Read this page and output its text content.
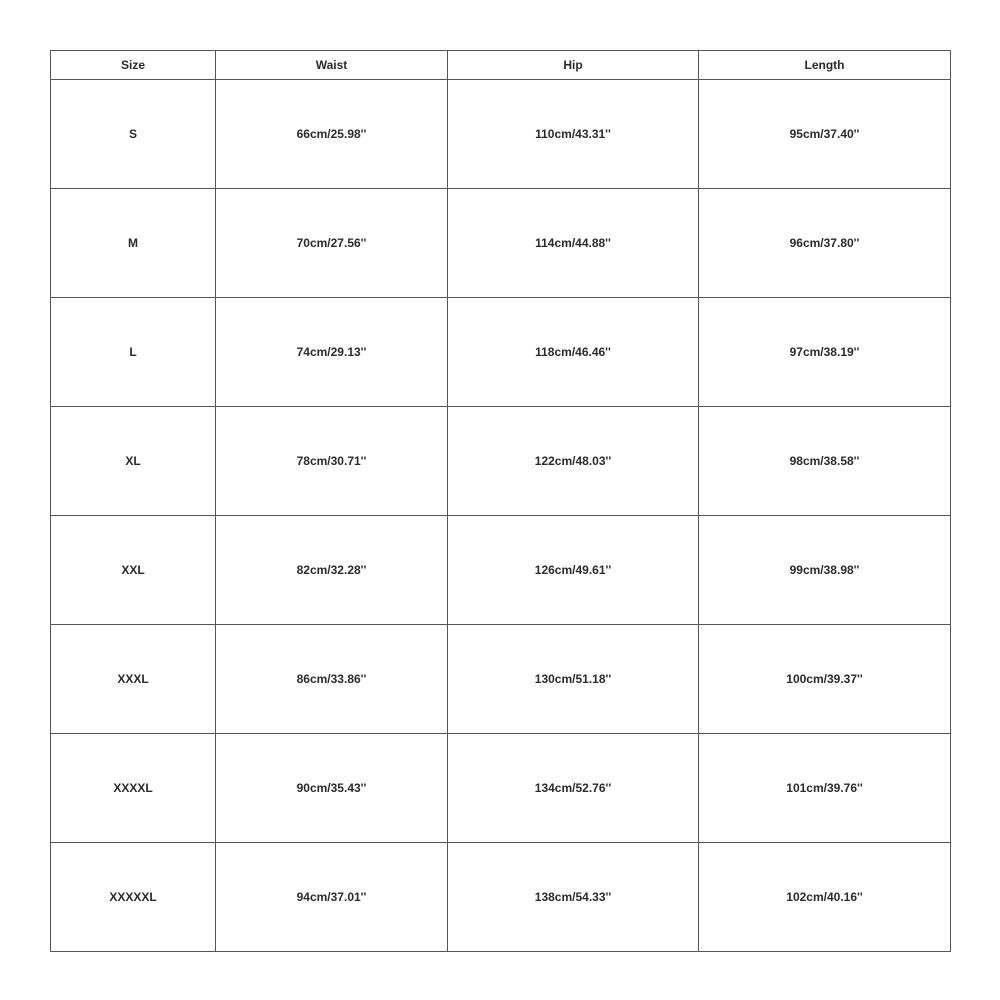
Size	Waist	Hip	Length
S	66cm/25.98''	110cm/43.31''	95cm/37.40''
M	70cm/27.56''	114cm/44.88''	96cm/37.80''
L	74cm/29.13''	118cm/46.46''	97cm/38.19''
XL	78cm/30.71''	122cm/48.03''	98cm/38.58''
XXL	82cm/32.28''	126cm/49.61''	99cm/38.98''
XXXL	86cm/33.86''	130cm/51.18''	100cm/39.37''
XXXXL	90cm/35.43''	134cm/52.76''	101cm/39.76''
XXXXXL	94cm/37.01''	138cm/54.33''	102cm/40.16''
